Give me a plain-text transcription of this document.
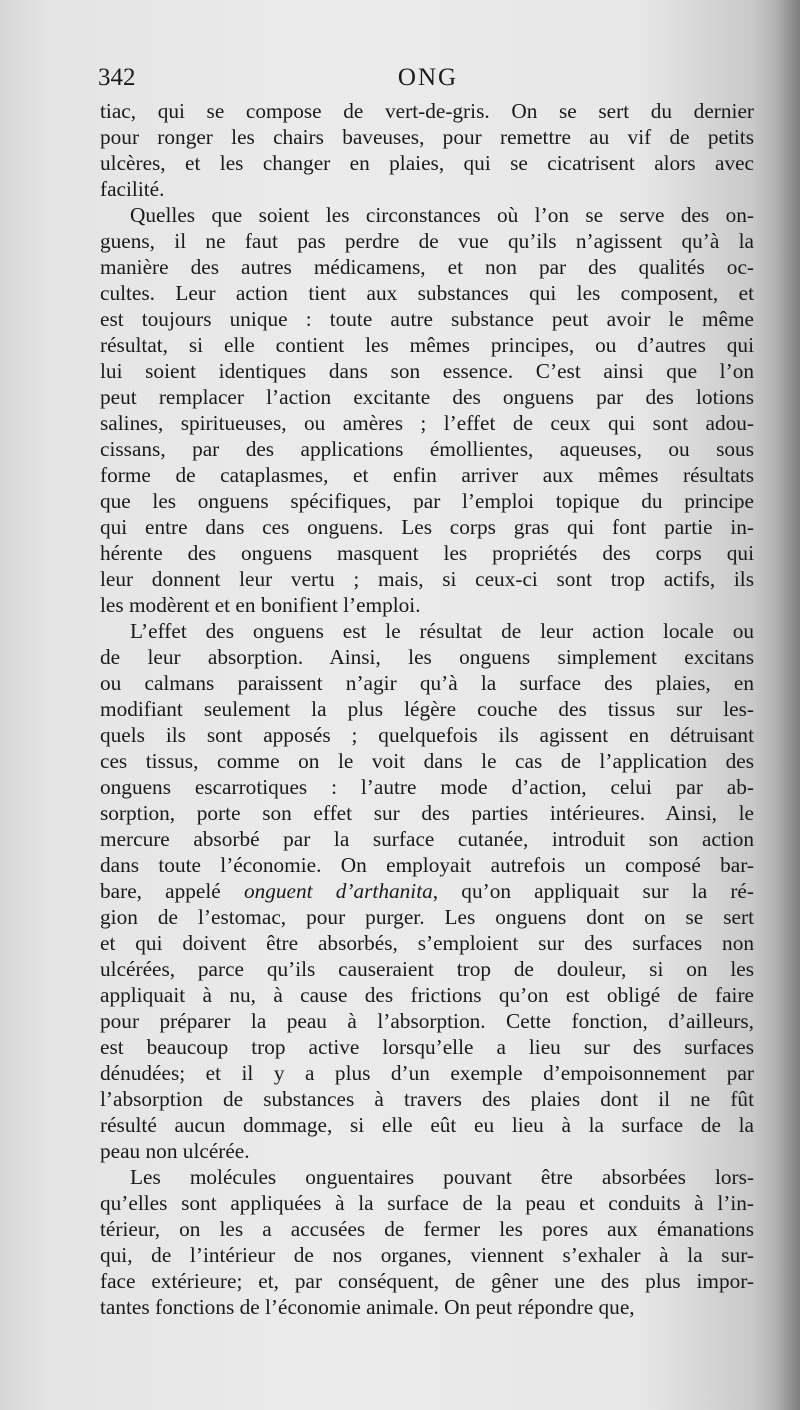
342	ONG
tiac, qui se compose de vert-de-gris. On se sert du dernier
pour ronger les chairs baveuses, pour remettre au vif de petits
ulcères, et les changer en plaies, qui se cicatrisent alors avec
facilité.
Quelles que soient les circonstances où l’on se serve des on-
guens, il ne faut pas perdre de vue qu’ils n’agissent qu’à la
manière des autres médicamens, et non par des qualités oc-
cultes. Leur action tient aux substances qui les composent, et
est toujours unique : toute autre substance peut avoir le même
résultat, si elle contient les mêmes principes, ou d’autres qui
lui soient identiques dans son essence. C’est ainsi que l’on
peut remplacer l’action excitante des onguens par des lotions
salines, spiritueuses, ou amères ; l’effet de ceux qui sont adou-
cissans, par des applications émollientes, aqueuses, ou sous
forme de cataplasmes, et enfin arriver aux mêmes résultats
que les onguens spécifiques, par l’emploi topique du principe
qui entre dans ces onguens. Les corps gras qui font partie in-
hérente des onguens masquent les propriétés des corps qui
leur donnent leur vertu ; mais, si ceux-ci sont trop actifs, ils
les modèrent et en bonifient l’emploi.
L’effet des onguens est le résultat de leur action locale ou
de leur absorption. Ainsi, les onguens simplement excitans
ou calmans paraissent n’agir qu’à la surface des plaies, en
modifiant seulement la plus légère couche des tissus sur les-
quels ils sont apposés ; quelquefois ils agissent en détruisant
ces tissus, comme on le voit dans le cas de l’application des
onguens escarrotiques : l’autre mode d’action, celui par ab-
sorption, porte son effet sur des parties intérieures. Ainsi, le
mercure absorbé par la surface cutanée, introduit son action
dans toute l’économie. On employait autrefois un composé bar-
bare, appelé onguent d’arthanita, qu’on appliquait sur la ré-
gion de l’estomac, pour purger. Les onguens dont on se sert
et qui doivent être absorbés, s’emploient sur des surfaces non
ulcérées, parce qu’ils causeraient trop de douleur, si on les
appliquait à nu, à cause des frictions qu’on est obligé de faire
pour préparer la peau à l’absorption. Cette fonction, d’ailleurs,
est beaucoup trop active lorsqu’elle a lieu sur des surfaces
dénudées; et il y a plus d’un exemple d’empoisonnement par
l’absorption de substances à travers des plaies dont il ne fût
résulté aucun dommage, si elle eût eu lieu à la surface de la
peau non ulcérée.
Les molécules onguentaires pouvant être absorbées lors-
qu’elles sont appliquées à la surface de la peau et conduits à l’in-
térieur, on les a accusées de fermer les pores aux émanations
qui, de l’intérieur de nos organes, viennent s’exhaler à la sur-
face extérieure; et, par conséquent, de gêner une des plus impor-
tantes fonctions de l’économie animale. On peut répondre que,
